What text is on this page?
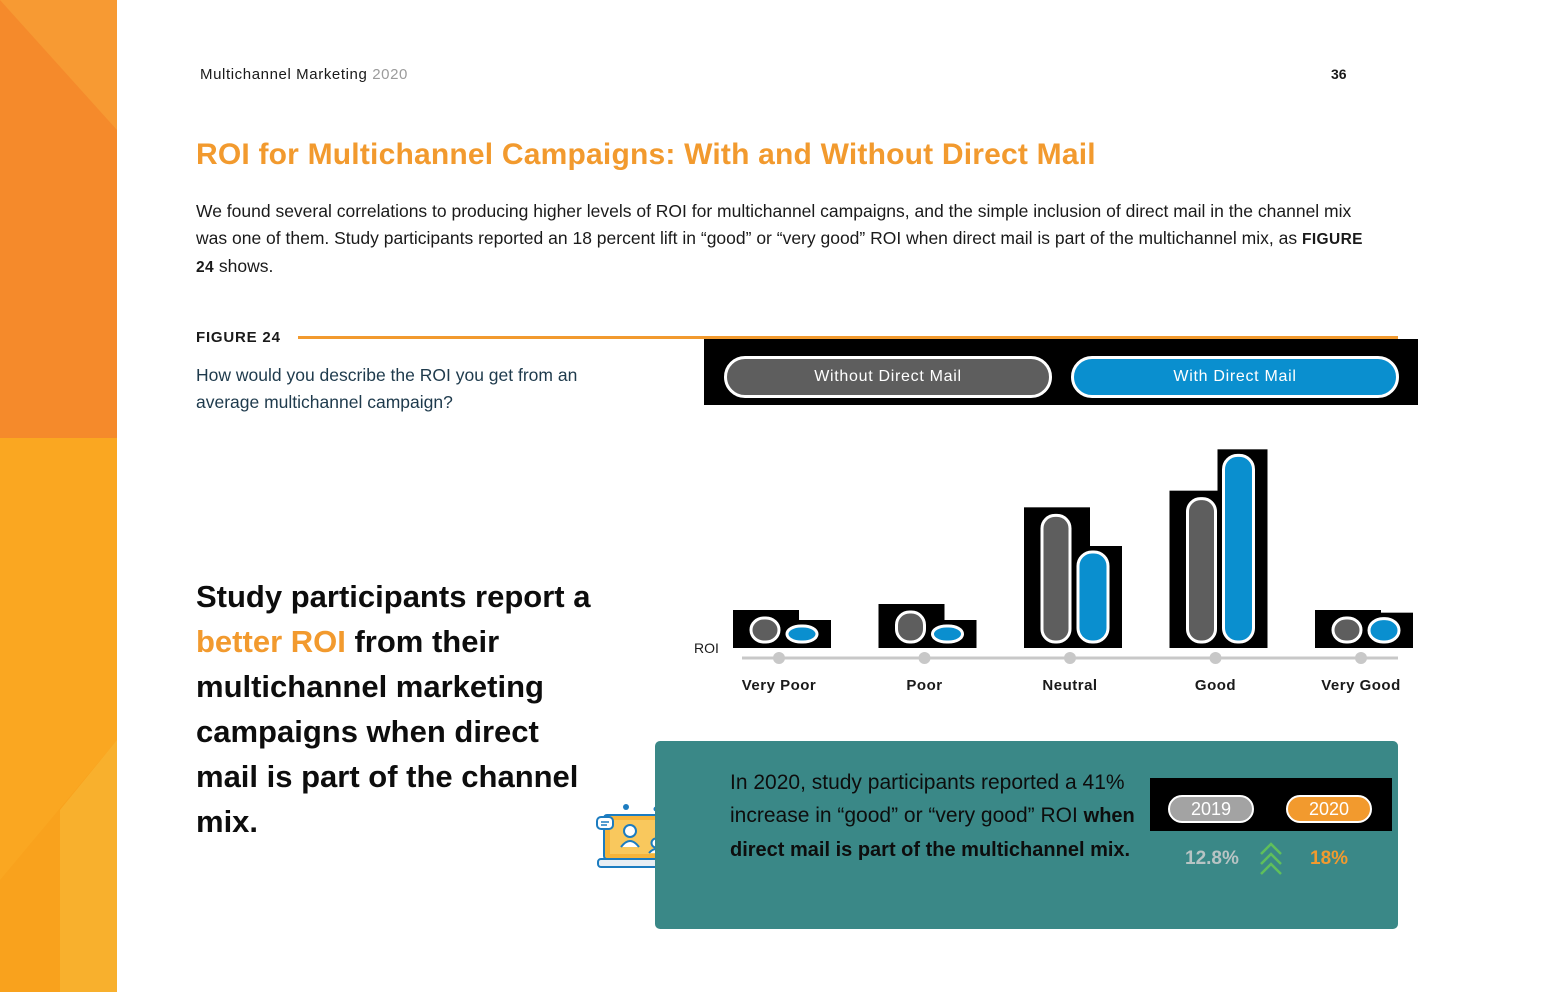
Multichannel Marketing 2020	36
ROI for Multichannel Campaigns: With and Without Direct Mail
We found several correlations to producing higher levels of ROI for multichannel campaigns, and the simple inclusion of direct mail in the channel mix was one of them. Study participants reported an 18 percent lift in “good” or “very good” ROI when direct mail is part of the multichannel mix, as FIGURE 24 shows.
FIGURE 24
How would you describe the ROI you get from an average multichannel campaign?
Without Direct Mail	With Direct Mail
ROI
Very Poor	Poor	Neutral	Good	Very Good
Study participants report a better ROI from their multichannel marketing campaigns when direct mail is part of the channel mix.
In 2020, study participants reported a 41% increase in “good” or “very good” ROI when direct mail is part of the multichannel mix.
2019	2020
12.8%	18%
